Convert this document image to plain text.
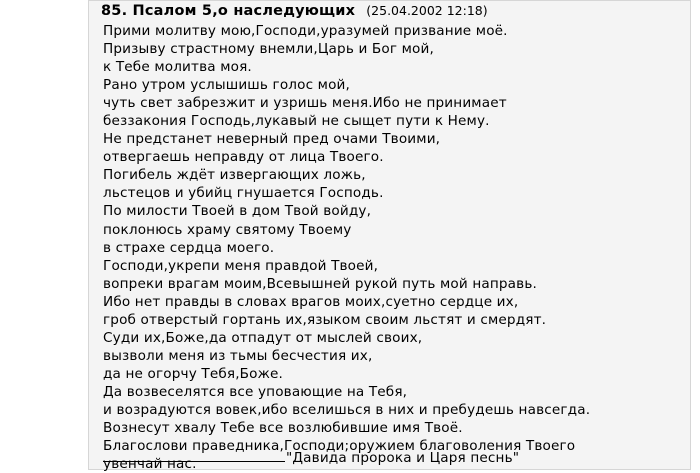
85. Псалом 5,о наследующих (25.04.2002 12:18)
Прими молитву мою,Господи,уразумей призвание моё.
Призыву страстному внемли,Царь и Бог мой,
к Тебе молитва моя.
Рано утром услышишь голос мой,
чуть свет забрезжит и узришь меня.Ибо не принимает
беззакония Господь,лукавый не сыщет пути к Нему.
Не предстанет неверный пред очами Твоими,
отвергаешь неправду от лица Твоего.
Погибель ждёт извергающих ложь,
льстецов и убийц гнушается Господь.
По милости Твоей в дом Твой войду,
поклонюсь храму святому Твоему
в страхе сердца моего.
Господи,укрепи меня правдой Твоей,
вопреки врагам моим,Всевышней рукой путь мой направь.
Ибо нет правды в словах врагов моих,суетно сердце их,
гроб отверстый гортань их,языком своим льстят и смердят.
Суди их,Боже,да отпадут от мыслей своих,
вызволи меня из тьмы бесчестия их,
да не огорчу Тебя,Боже.
Да возвеселятся все уповающие на Тебя,
и возрадуются вовек,ибо вселишься в них и пребудешь навсегда.
Вознесут хвалу Тебе все возлюбившие имя Твоё.
Благослови праведника,Господи;оружием благоволения Твоего
увенчай нас.	"Давида пророка и Царя песнь"
